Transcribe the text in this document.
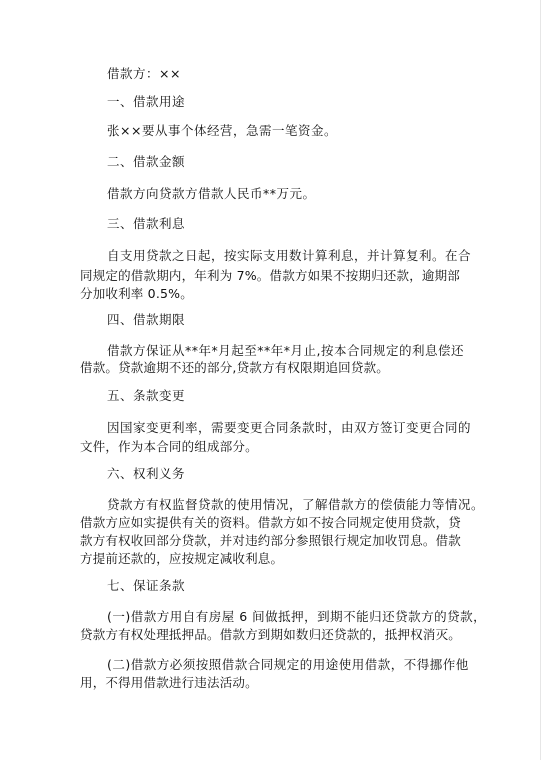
借款方：××
一、借款用途
张××要从事个体经营，急需一笔资金。
二、借款金额
借款方向贷款方借款人民币**万元。
三、借款利息
自支用贷款之日起，按实际支用数计算利息，并计算复利。在合
同规定的借款期内，年利为 7%。借款方如果不按期归还款，逾期部
分加收利率 0.5%。
四、借款期限
借款方保证从**年*月起至**年*月止,按本合同规定的利息偿还
借款。贷款逾期不还的部分,贷款方有权限期追回贷款。
五、条款变更
因国家变更利率，需要变更合同条款时，由双方签订变更合同的
文件，作为本合同的组成部分。
六、权利义务
贷款方有权监督贷款的使用情况，了解借款方的偿债能力等情况。
借款方应如实提供有关的资料。借款方如不按合同规定使用贷款，贷
款方有权收回部分贷款，并对违约部分参照银行规定加收罚息。借款
方提前还款的，应按规定减收利息。
七、保证条款
(一)借款方用自有房屋 6 间做抵押，到期不能归还贷款方的贷款，
贷款方有权处理抵押品。借款方到期如数归还贷款的，抵押权消灭。
(二)借款方必须按照借款合同规定的用途使用借款，不得挪作他
用，不得用借款进行违法活动。
